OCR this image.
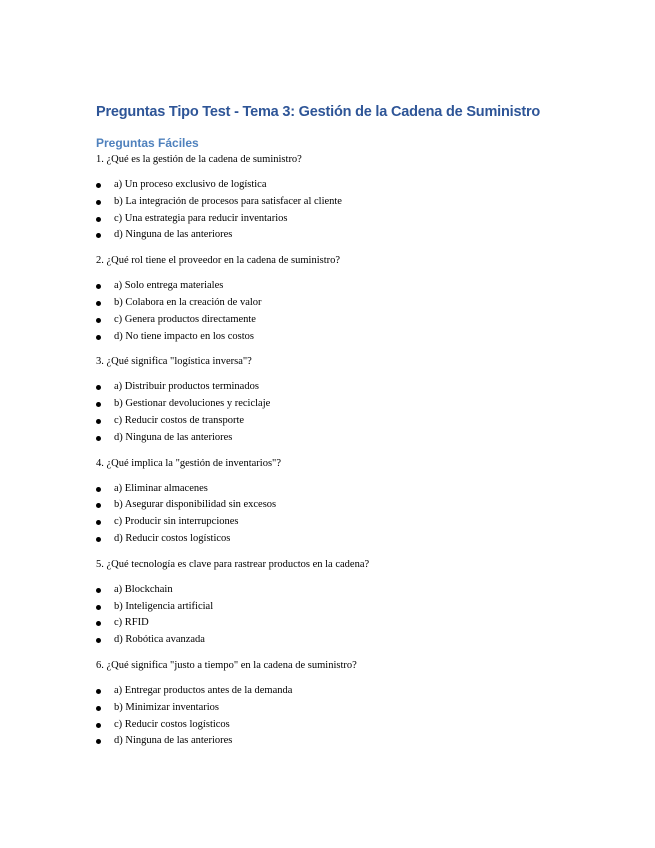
Preguntas Tipo Test - Tema 3: Gestión de la Cadena de Suministro
Preguntas Fáciles

1. ¿Qué es la gestión de la cadena de suministro?

a) Un proceso exclusivo de logística
b) La integración de procesos para satisfacer al cliente
c) Una estrategia para reducir inventarios
d) Ninguna de las anteriores

2. ¿Qué rol tiene el proveedor en la cadena de suministro?

a) Solo entrega materiales
b) Colabora en la creación de valor
c) Genera productos directamente
d) No tiene impacto en los costos

3. ¿Qué significa "logística inversa"?

a) Distribuir productos terminados
b) Gestionar devoluciones y reciclaje
c) Reducir costos de transporte
d) Ninguna de las anteriores

4. ¿Qué implica la "gestión de inventarios"?

a) Eliminar almacenes
b) Asegurar disponibilidad sin excesos
c) Producir sin interrupciones
d) Reducir costos logísticos

5. ¿Qué tecnología es clave para rastrear productos en la cadena?

a) Blockchain
b) Inteligencia artificial
c) RFID
d) Robótica avanzada

6. ¿Qué significa "justo a tiempo" en la cadena de suministro?

a) Entregar productos antes de la demanda
b) Minimizar inventarios
c) Reducir costos logísticos
d) Ninguna de las anteriores
